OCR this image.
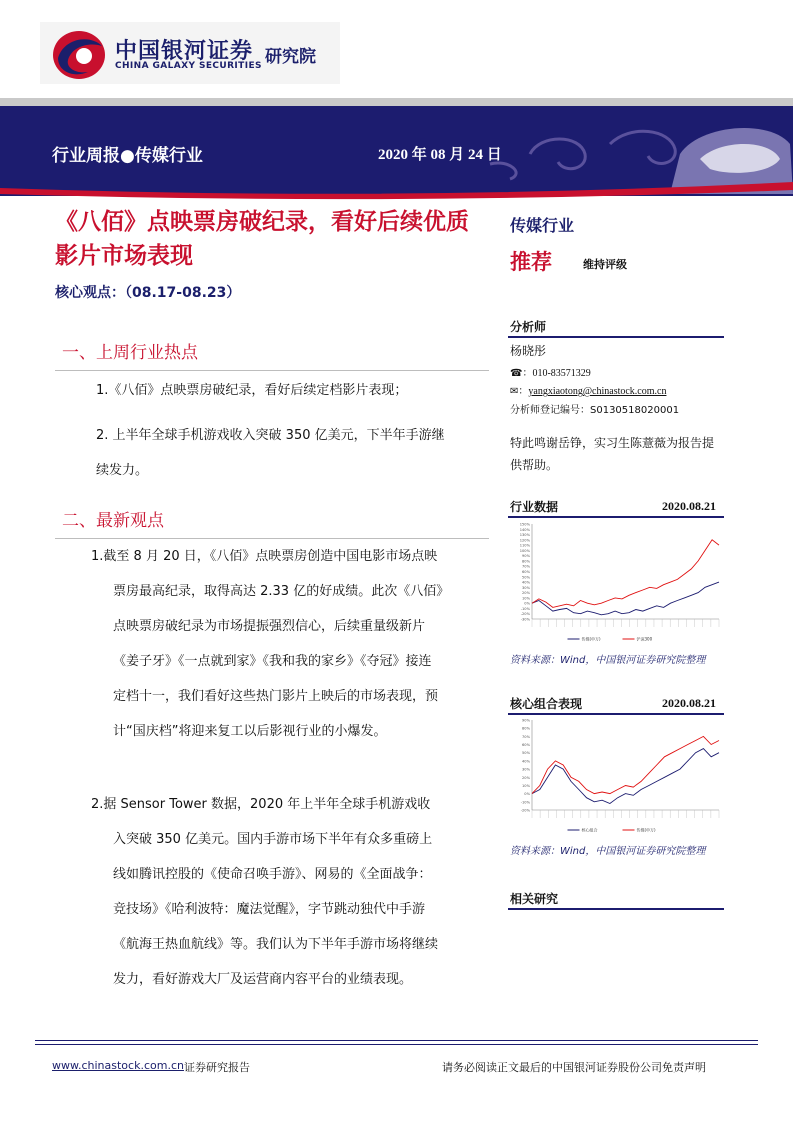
中国银河证券
CHINA GALAXY SECURITIES 研究院
行业周报●传媒行业	2020 年 08 月 24 日
《八佰》点映票房破纪录，看好后续优质影片市场表现
核心观点：（08.17-08.23）
一、上周行业热点
1.《八佰》点映票房破纪录，看好后续定档影片表现；
2. 上半年全球手机游戏收入突破 350 亿美元，下半年手游继续发力。
二、最新观点
1.截至 8 月 20 日，《八佰》点映票房创造中国电影市场点映票房最高纪录，取得高达 2.33 亿的好成绩。此次《八佰》点映票房破纪录为市场提振强烈信心，后续重量级新片《姜子牙》《一点就到家》《我和我的家乡》《夺冠》接连定档十一，我们看好这些热门影片上映后的市场表现，预计“国庆档”将迎来复工以后影视行业的小爆发。
2.据 Sensor Tower 数据，2020 年上半年全球手机游戏收入突破 350 亿美元。国内手游市场下半年有众多重磅上线如腾讯控股的《使命召唤手游》、网易的《全面战争：竞技场》《哈利波特：魔法觉醒》，字节跳动独代中手游《航海王热血航线》等。我们认为下半年手游市场将继续发力，看好游戏大厂及运营商内容平台的业绩表现。
传媒行业
推荐	维持评级
分析师
杨晓彤
☎：010-83571329
✉：yangxiaotong@chinastock.com.cn
分析师登记编号：S0130518020001
特此鸣谢岳铮，实习生陈薏薇为报告提供帮助。
行业数据	2020.08.21
-30%
-20%
-10%
0%
10%
20%
30%
40%
50%
60%
70%
80%
90%
100%
110%
120%
130%
140%
150%
传媒(申万)	沪深300
资料来源：Wind，中国银河证券研究院整理
核心组合表现	2020.08.21
-20%
-10%
0%
10%
20%
30%
40%
50%
60%
70%
80%
90%
核心组合	传媒(申万)
资料来源：Wind，中国银河证券研究院整理
相关研究
www.chinastock.com.cn 证券研究报告	请务必阅读正文最后的中国银河证券股份公司免责声明
